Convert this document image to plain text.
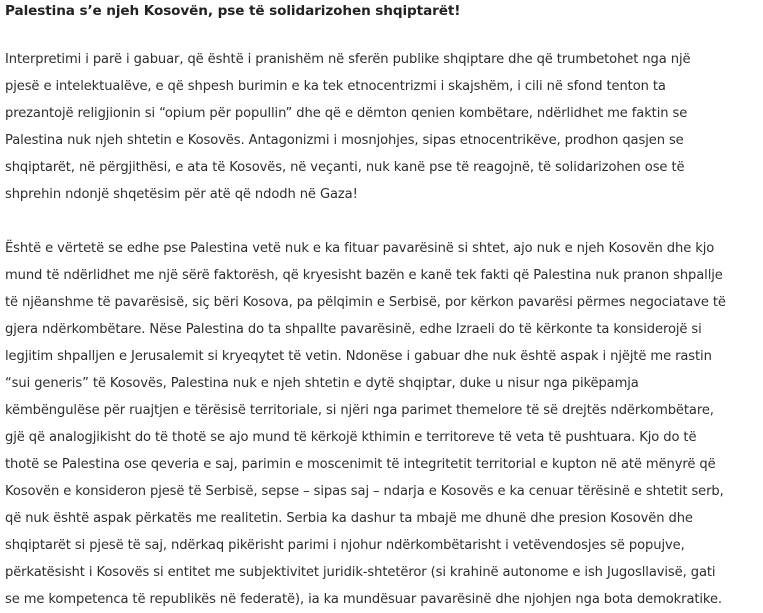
Palestina s’e njeh Kosovën, pse të solidarizohen shqiptarët!

Interpretimi i parë i gabuar, që është i pranishëm në sferën publike shqiptare dhe që trumbetohet nga një
pjesë e intelektualëve, e që shpesh burimin e ka tek etnocentrizmi i skajshëm, i cili në sfond tenton ta
prezantojë religjionin si “opium për popullin” dhe që e dëmton qenien kombëtare, ndërlidhet me faktin se
Palestina nuk njeh shtetin e Kosovës. Antagonizmi i mosnjohjes, sipas etnocentrikëve, prodhon qasjen se
shqiptarët, në përgjithësi, e ata të Kosovës, në veçanti, nuk kanë pse të reagojnë, të solidarizohen ose të
shprehin ndonjë shqetësim për atë që ndodh në Gaza!

Është e vërtetë se edhe pse Palestina vetë nuk e ka fituar pavarësinë si shtet, ajo nuk e njeh Kosovën dhe kjo
mund të ndërlidhet me një sërë faktorësh, që kryesisht bazën e kanë tek fakti që Palestina nuk pranon shpallje
të njëanshme të pavarësisë, siç bëri Kosova, pa pëlqimin e Serbisë, por kërkon pavarësi përmes negociatave të
gjera ndërkombëtare. Nëse Palestina do ta shpallte pavarësinë, edhe Izraeli do të kërkonte ta konsiderojë si
legjitim shpalljen e Jerusalemit si kryeqytet të vetin. Ndonëse i gabuar dhe nuk është aspak i njëjtë me rastin
“sui generis” të Kosovës, Palestina nuk e njeh shtetin e dytë shqiptar, duke u nisur nga pikëpamja
këmbëngulëse për ruajtjen e tërësisë territoriale, si njëri nga parimet themelore të së drejtës ndërkombëtare,
gjë që analogjikisht do të thotë se ajo mund të kërkojë kthimin e territoreve të veta të pushtuara. Kjo do të
thotë se Palestina ose qeveria e saj, parimin e moscenimit të integritetit territorial e kupton në atë mënyrë që
Kosovën e konsideron pjesë të Serbisë, sepse – sipas saj – ndarja e Kosovës e ka cenuar tërësinë e shtetit serb,
që nuk është aspak përkatës me realitetin. Serbia ka dashur ta mbajë me dhunë dhe presion Kosovën dhe
shqiptarët si pjesë të saj, ndërkaq pikërisht parimi i njohur ndërkombëtarisht i vetëvendosjes së popujve,
përkatësisht i Kosovës si entitet me subjektivitet juridik-shtetëror (si krahinë autonome e ish Jugosllavisë, gati
se me kompetenca të republikës në federatë), ia ka mundësuar pavarësinë dhe njohjen nga bota demokratike.
